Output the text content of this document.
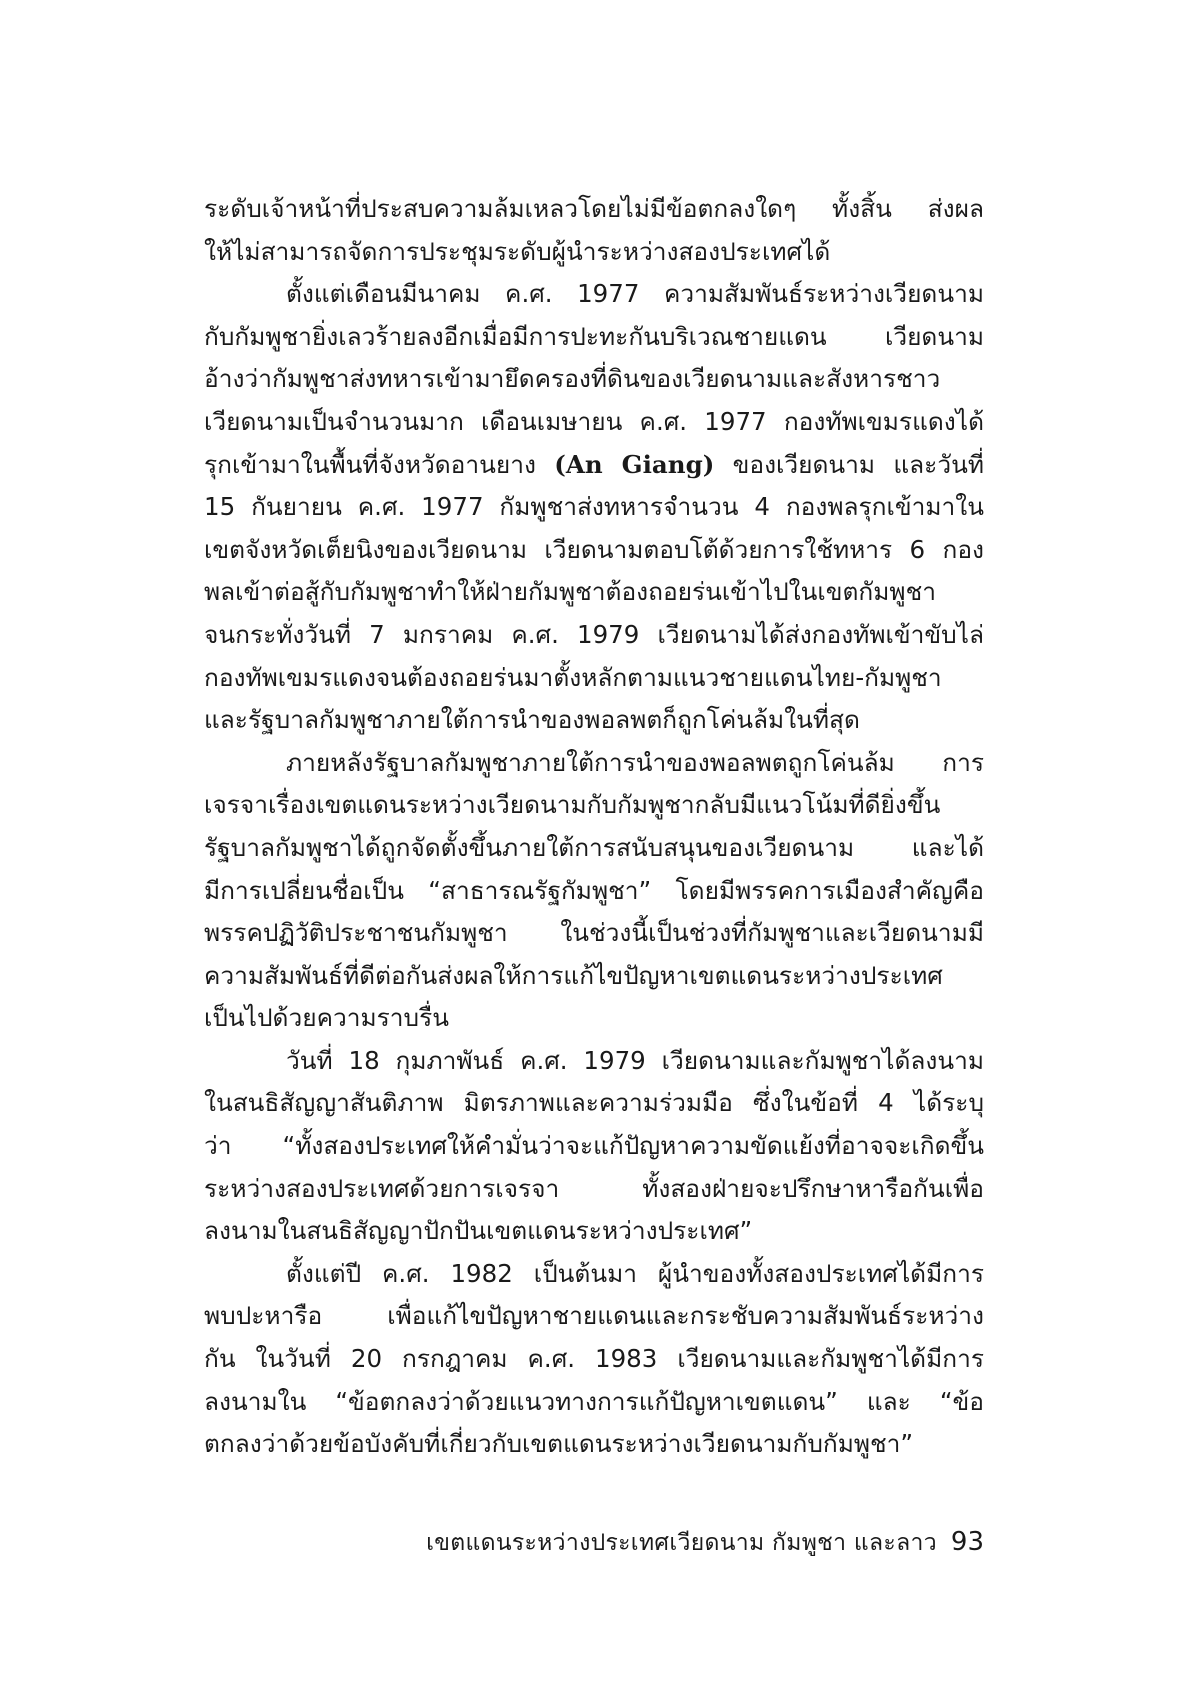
ระดับเจ้าหน้าที่ประสบความล้มเหลวโดยไม่มีข้อตกลงใดๆ ทั้งสิ้น ส่งผล
ให้ไม่สามารถจัดการประชุมระดับผู้นำระหว่างสองประเทศได้
ตั้งแต่เดือนมีนาคม ค.ศ. 1977 ความสัมพันธ์ระหว่างเวียดนาม
กับกัมพูชายิ่งเลวร้ายลงอีกเมื่อมีการปะทะกันบริเวณชายแดน เวียดนาม
อ้างว่ากัมพูชาส่งทหารเข้ามายึดครองที่ดินของเวียดนามและสังหารชาว
เวียดนามเป็นจำนวนมาก เดือนเมษายน ค.ศ. 1977 กองทัพเขมรแดงได้
รุกเข้ามาในพื้นที่จังหวัดอานยาง (An Giang) ของเวียดนาม และวันที่
15 กันยายน ค.ศ. 1977 กัมพูชาส่งทหารจำนวน 4 กองพลรุกเข้ามาใน
เขตจังหวัดเต็ยนิงของเวียดนาม เวียดนามตอบโต้ด้วยการใช้ทหาร 6 กอง
พลเข้าต่อสู้กับกัมพูชาทำให้ฝ่ายกัมพูชาต้องถอยร่นเข้าไปในเขตกัมพูชา
จนกระทั่งวันที่ 7 มกราคม ค.ศ. 1979 เวียดนามได้ส่งกองทัพเข้าขับไล่
กองทัพเขมรแดงจนต้องถอยร่นมาตั้งหลักตามแนวชายแดนไทย-กัมพูชา
และรัฐบาลกัมพูชาภายใต้การนำของพอลพตก็ถูกโค่นล้มในที่สุด
ภายหลังรัฐบาลกัมพูชาภายใต้การนำของพอลพตถูกโค่นล้ม การ
เจรจาเรื่องเขตแดนระหว่างเวียดนามกับกัมพูชากลับมีแนวโน้มที่ดียิ่งขึ้น
รัฐบาลกัมพูชาได้ถูกจัดตั้งขึ้นภายใต้การสนับสนุนของเวียดนาม และได้
มีการเปลี่ยนชื่อเป็น “สาธารณรัฐกัมพูชา” โดยมีพรรคการเมืองสำคัญคือ
พรรคปฏิวัติประชาชนกัมพูชา ในช่วงนี้เป็นช่วงที่กัมพูชาและเวียดนามมี
ความสัมพันธ์ที่ดีต่อกันส่งผลให้การแก้ไขปัญหาเขตแดนระหว่างประเทศ
เป็นไปด้วยความราบรื่น
วันที่ 18 กุมภาพันธ์ ค.ศ. 1979 เวียดนามและกัมพูชาได้ลงนาม
ในสนธิสัญญาสันติภาพ มิตรภาพและความร่วมมือ ซึ่งในข้อที่ 4 ได้ระบุ
ว่า “ทั้งสองประเทศให้คำมั่นว่าจะแก้ปัญหาความขัดแย้งที่อาจจะเกิดขึ้น
ระหว่างสองประเทศด้วยการเจรจา ทั้งสองฝ่ายจะปรึกษาหารือกันเพื่อ
ลงนามในสนธิสัญญาปักปันเขตแดนระหว่างประเทศ”
ตั้งแต่ปี ค.ศ. 1982 เป็นต้นมา ผู้นำของทั้งสองประเทศได้มีการ
พบปะหารือ เพื่อแก้ไขปัญหาชายแดนและกระชับความสัมพันธ์ระหว่าง
กัน ในวันที่ 20 กรกฎาคม ค.ศ. 1983 เวียดนามและกัมพูชาได้มีการ
ลงนามใน “ข้อตกลงว่าด้วยแนวทางการแก้ปัญหาเขตแดน” และ “ข้อ
ตกลงว่าด้วยข้อบังคับที่เกี่ยวกับเขตแดนระหว่างเวียดนามกับกัมพูชา”
เขตแดนระหว่างประเทศเวียดนาม กัมพูชา และลาว 93
